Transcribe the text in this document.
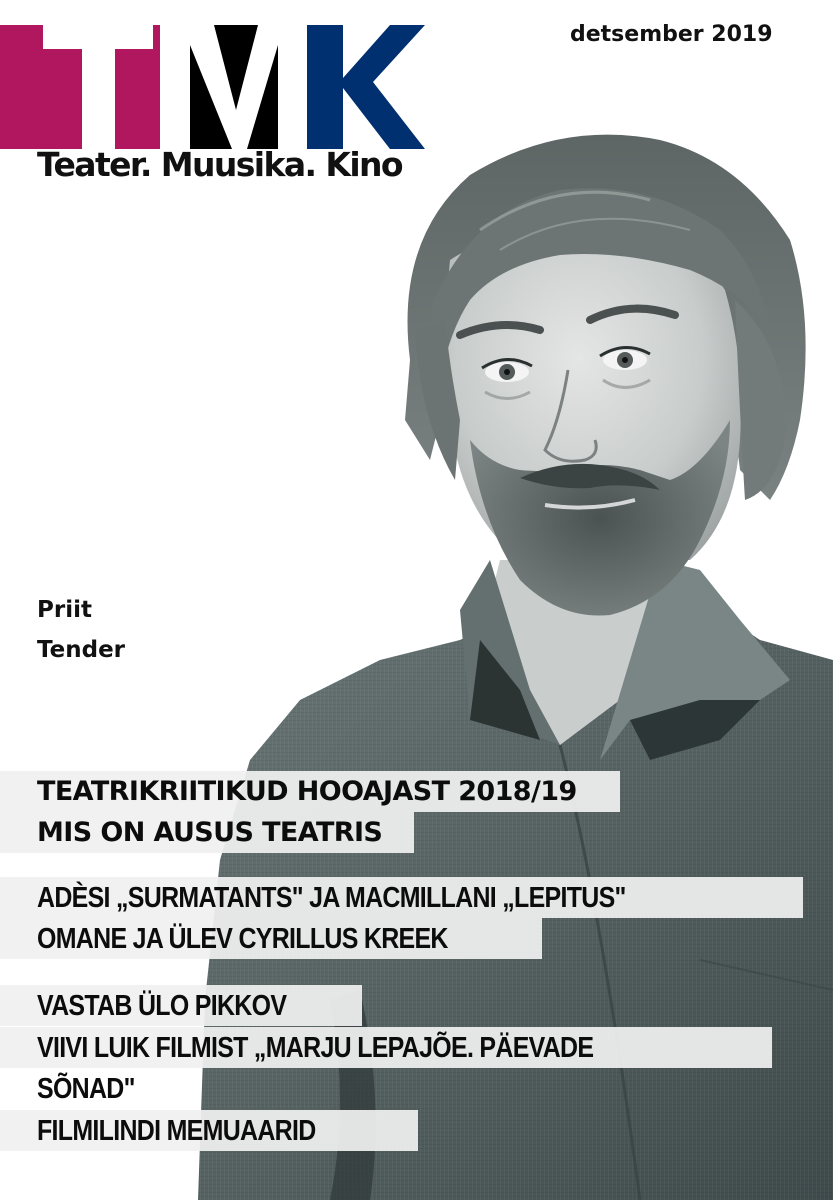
Teater. Muusika. Kino
detsember 2019
Priit
Tender
TEATRIKRIITIKUD HOOAJAST 2018/19
MIS ON AUSUS TEATRIS
ADÈSI „SURMATANTS" JA MACMILLANI „LEPITUS"
OMANE JA ÜLEV CYRILLUS KREEK
VASTAB ÜLO PIKKOV
VIIVI LUIK FILMIST „MARJU LEPAJÕE. PÄEVADE
SÕNAD"
FILMILINDI MEMUAARID
